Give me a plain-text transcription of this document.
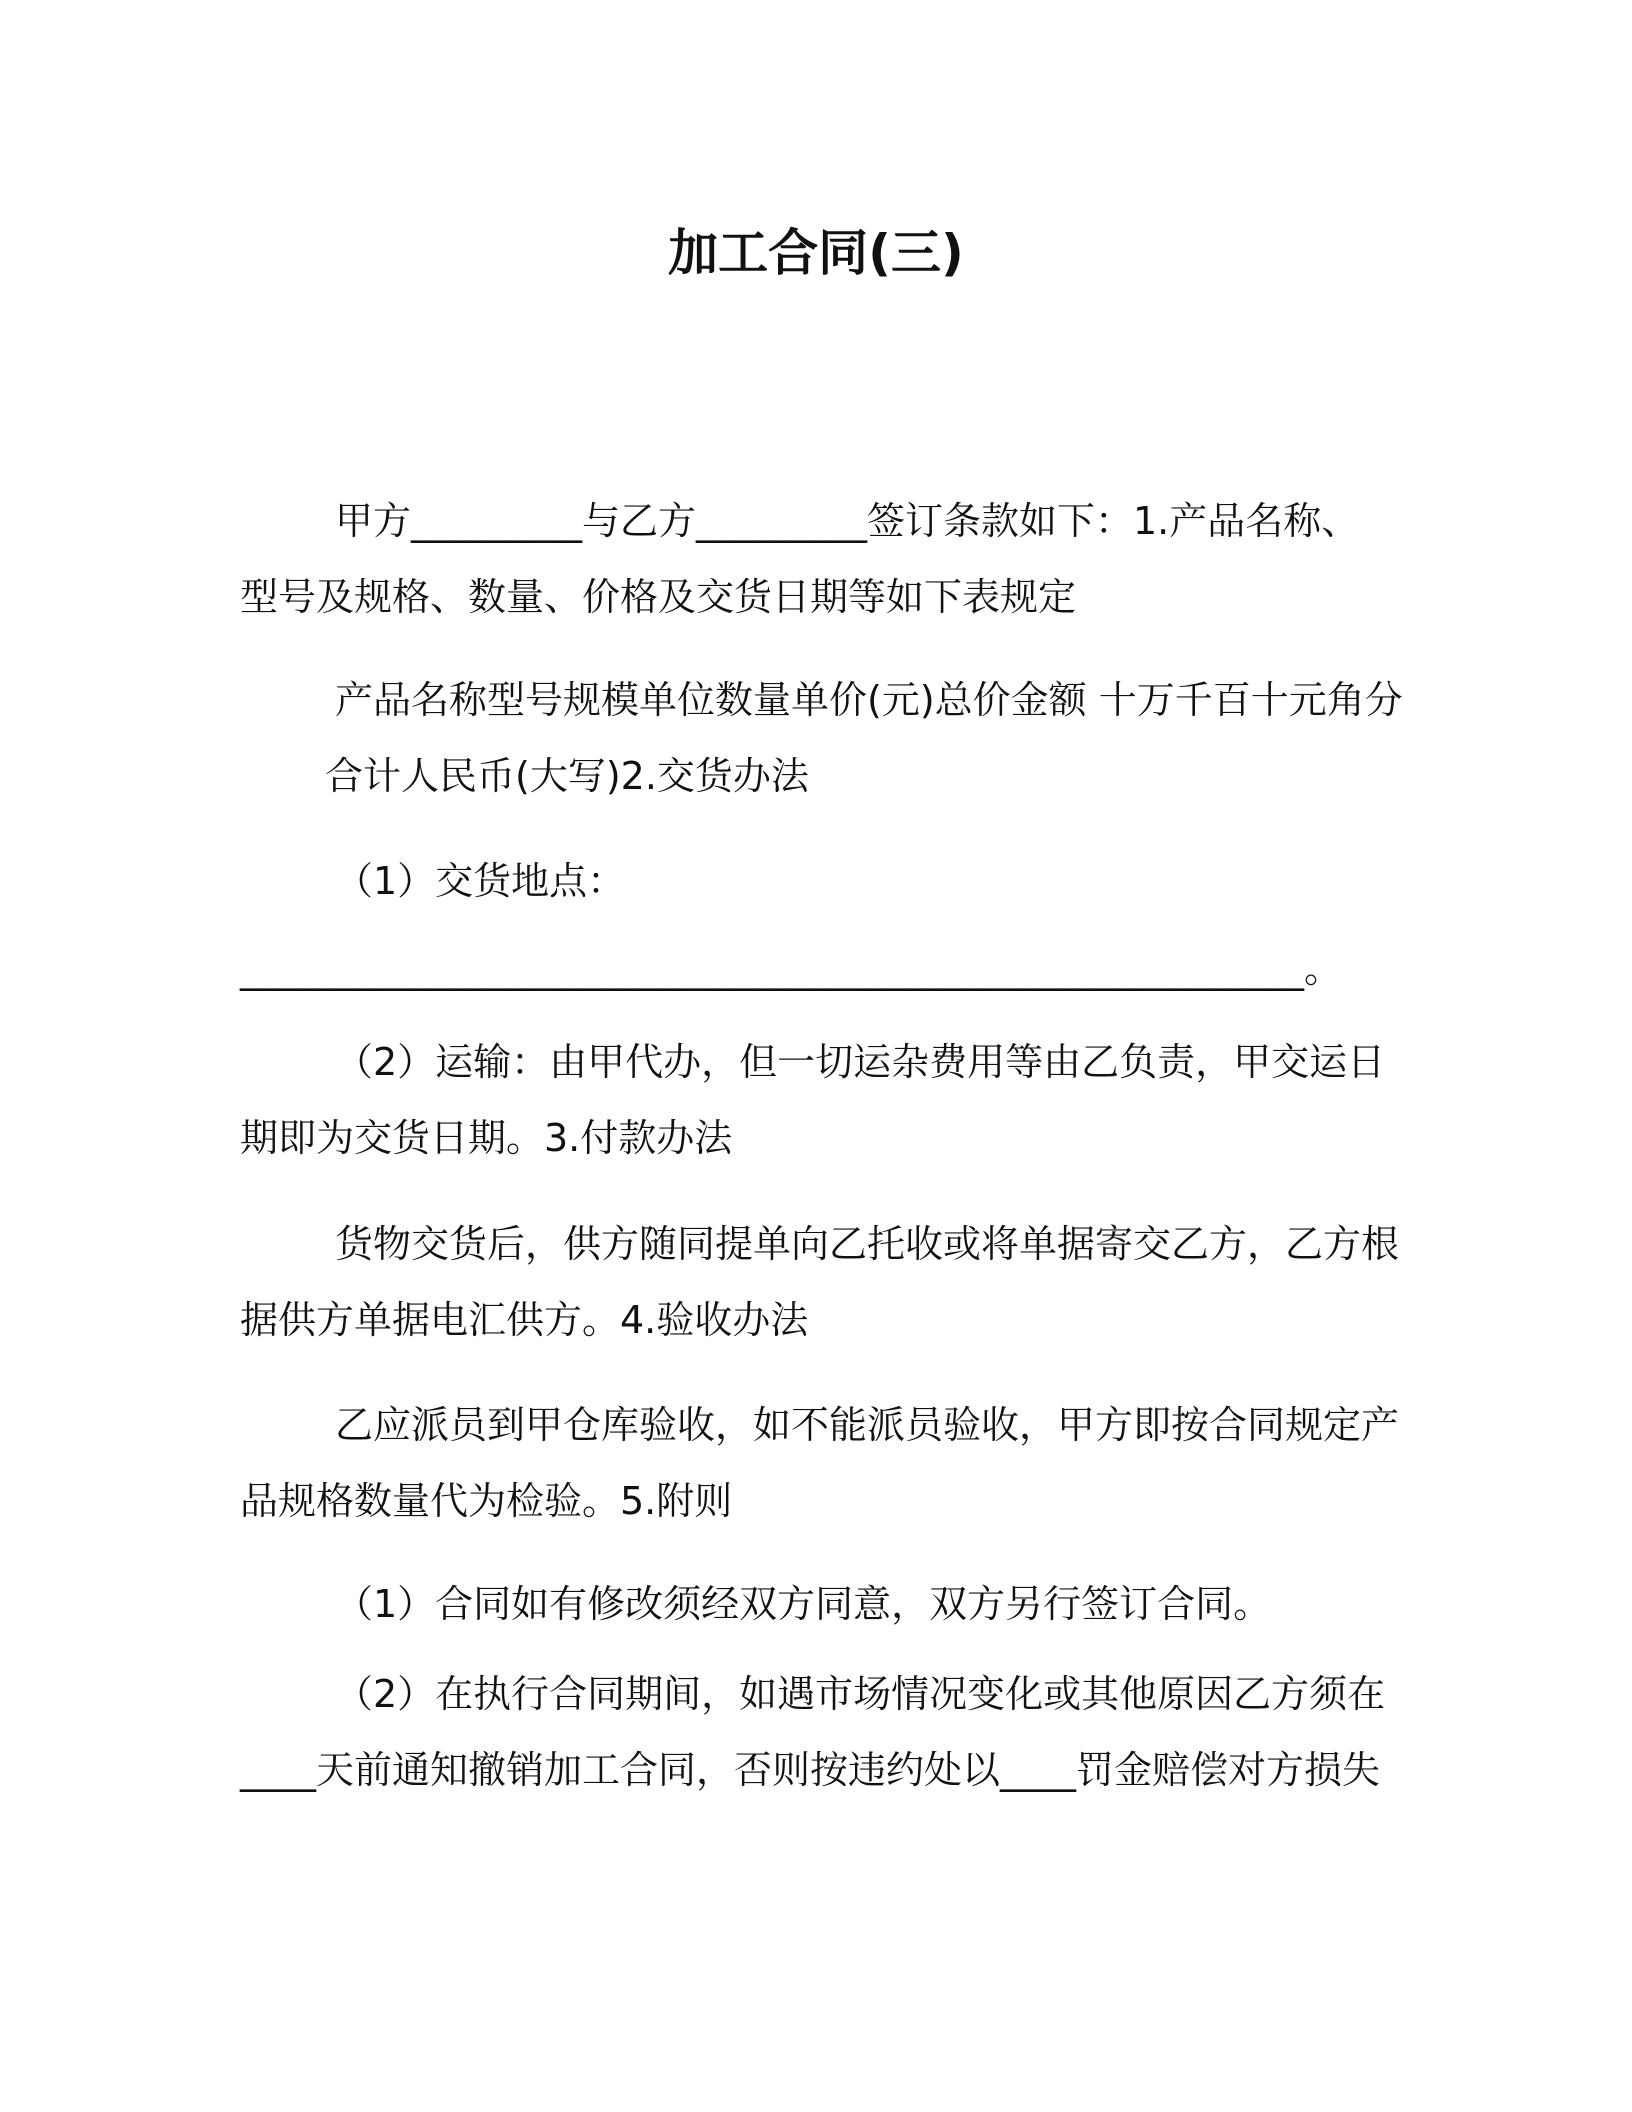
加工合同(三)
甲方_________与乙方_________签订条款如下：1.产品名称、
型号及规格、数量、价格及交货日期等如下表规定
产品名称型号规模单位数量单价(元)总价金额 十万千百十元角分
合计人民币(大写)2.交货办法
（1）交货地点：
________________________________________________________。
（2）运输：由甲代办，但一切运杂费用等由乙负责，甲交运日
期即为交货日期。3.付款办法
货物交货后，供方随同提单向乙托收或将单据寄交乙方，乙方根
据供方单据电汇供方。4.验收办法
乙应派员到甲仓库验收，如不能派员验收，甲方即按合同规定产
品规格数量代为检验。5.附则
（1）合同如有修改须经双方同意，双方另行签订合同。
（2）在执行合同期间，如遇市场情况变化或其他原因乙方须在
____天前通知撤销加工合同，否则按违约处以____罚金赔偿对方损失
